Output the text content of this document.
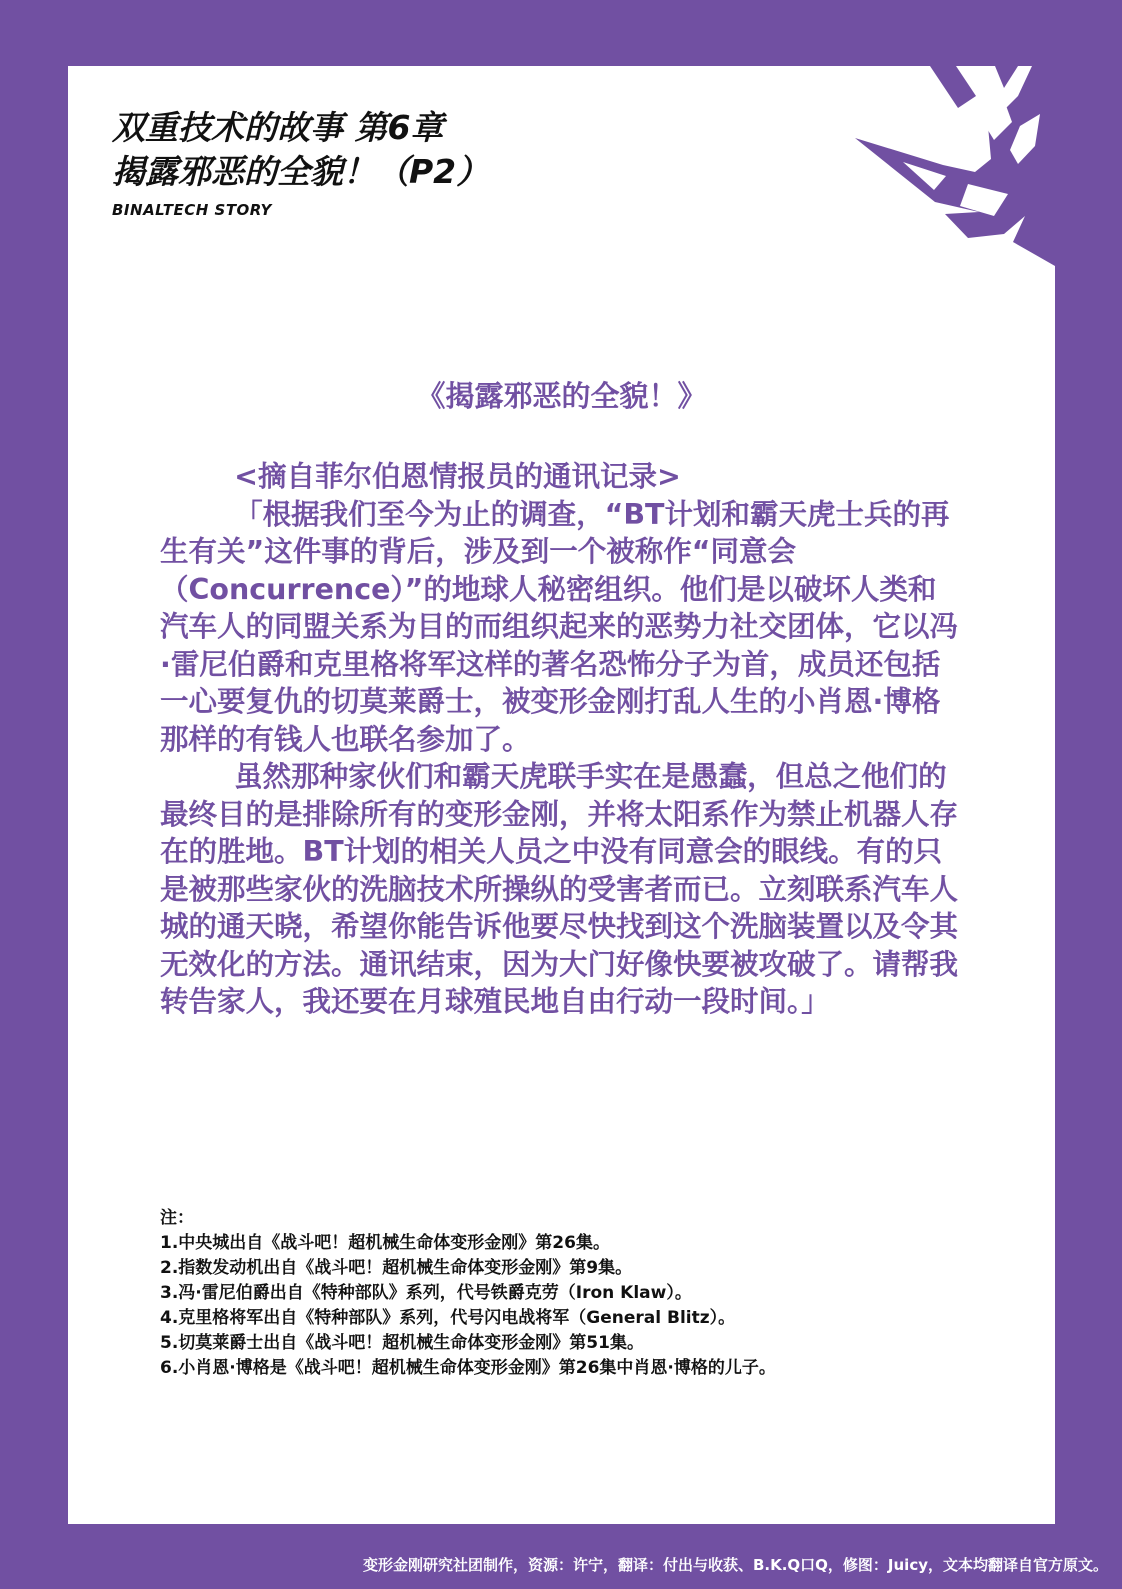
双重技术的故事 第6章
揭露邪恶的全貌！（P2）
BINALTECH STORY
《揭露邪恶的全貌！》

<摘自菲尔伯恩情报员的通讯记录>

「根据我们至今为止的调查，“BT计划和霸天虎士兵的再生有关”这件事的背后，涉及到一个被称作“同意会（Concurrence）”的地球人秘密组织。他们是以破坏人类和汽车人的同盟关系为目的而组织起来的恶势力社交团体，它以冯·雷尼伯爵和克里格将军这样的著名恐怖分子为首，成员还包括一心要复仇的切莫莱爵士，被变形金刚打乱人生的小肖恩·博格那样的有钱人也联名参加了。

虽然那种家伙们和霸天虎联手实在是愚蠢，但总之他们的最终目的是排除所有的变形金刚，并将太阳系作为禁止机器人存在的胜地。BT计划的相关人员之中没有同意会的眼线。有的只是被那些家伙的洗脑技术所操纵的受害者而已。立刻联系汽车人城的通天晓，希望你能告诉他要尽快找到这个洗脑装置以及令其无效化的方法。通讯结束，因为大门好像快要被攻破了。请帮我转告家人，我还要在月球殖民地自由行动一段时间。」

注：
1.中央城出自《战斗吧！超机械生命体变形金刚》第26集。
2.指数发动机出自《战斗吧！超机械生命体变形金刚》第9集。
3.冯·雷尼伯爵出自《特种部队》系列，代号铁爵克劳（Iron Klaw）。
4.克里格将军出自《特种部队》系列，代号闪电战将军（General Blitz）。
5.切莫莱爵士出自《战斗吧！超机械生命体变形金刚》第51集。
6.小肖恩·博格是《战斗吧！超机械生命体变形金刚》第26集中肖恩·博格的儿子。
变形金刚研究社团制作，资源：许宁，翻译：付出与收获、B.K.Q口Q，修图：Juicy，文本均翻译自官方原文。
